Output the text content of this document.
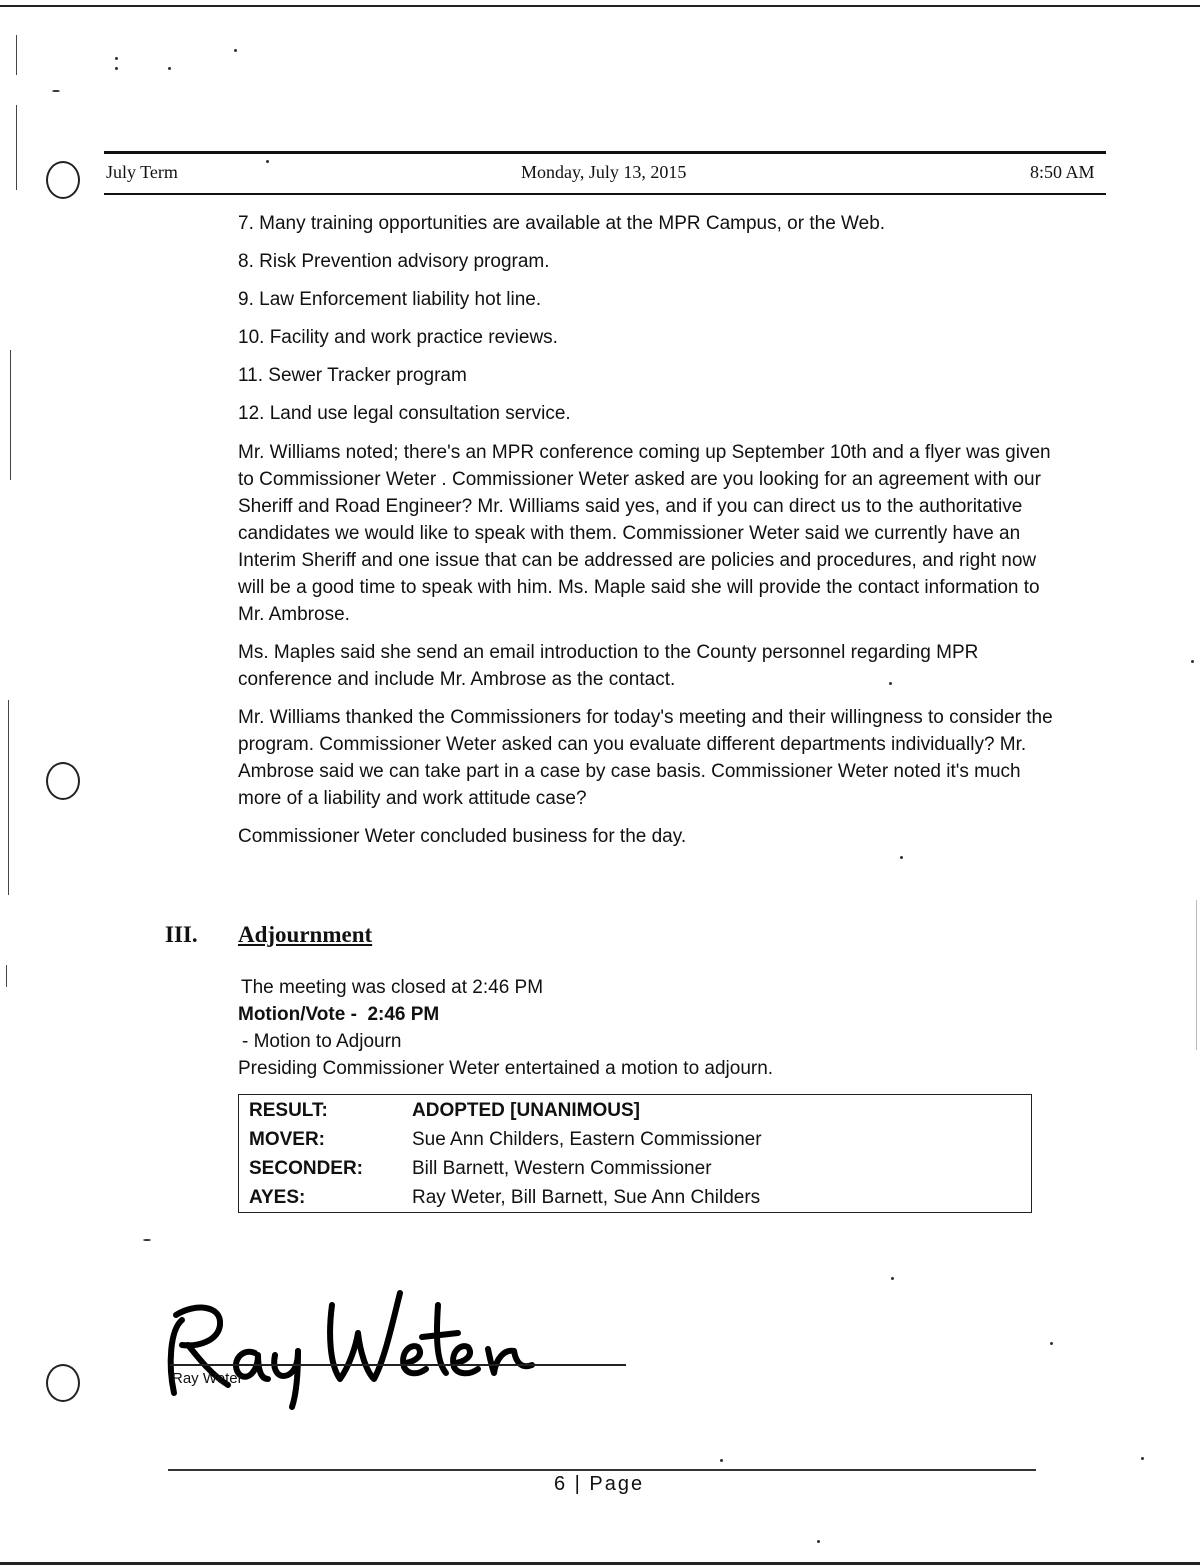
July Term	Monday, July 13, 2015	8:50 AM
7. Many training opportunities are available at the MPR Campus, or the Web.
8. Risk Prevention advisory program.
9. Law Enforcement liability hot line.
10. Facility and work practice reviews.
11. Sewer Tracker program
12. Land use legal consultation service.
Mr. Williams noted; there's an MPR conference coming up September 10th and a flyer was given to Commissioner Weter . Commissioner Weter asked are you looking for an agreement with our Sheriff and Road Engineer? Mr. Williams said yes, and if you can direct us to the authoritative candidates we would like to speak with them. Commissioner Weter said we currently have an Interim Sheriff and one issue that can be addressed are policies and procedures, and right now will be a good time to speak with him. Ms. Maple said she will provide the contact information to Mr. Ambrose.
Ms. Maples said she send an email introduction to the County personnel regarding MPR conference and include Mr. Ambrose as the contact.
Mr. Williams thanked the Commissioners for today's meeting and their willingness to consider the program. Commissioner Weter asked can you evaluate different departments individually? Mr. Ambrose said we can take part in a case by case basis. Commissioner Weter noted it's much more of a liability and work attitude case?
Commissioner Weter concluded business for the day.
III. Adjournment
The meeting was closed at 2:46 PM
Motion/Vote -  2:46 PM
- Motion to Adjourn
Presiding Commissioner Weter entertained a motion to adjourn.
RESULT:	ADOPTED [UNANIMOUS]
MOVER:	Sue Ann Childers, Eastern Commissioner
SECONDER:	Bill Barnett, Western Commissioner
AYES:	Ray Weter, Bill Barnett, Sue Ann Childers
Ray Weter
6 | Page
